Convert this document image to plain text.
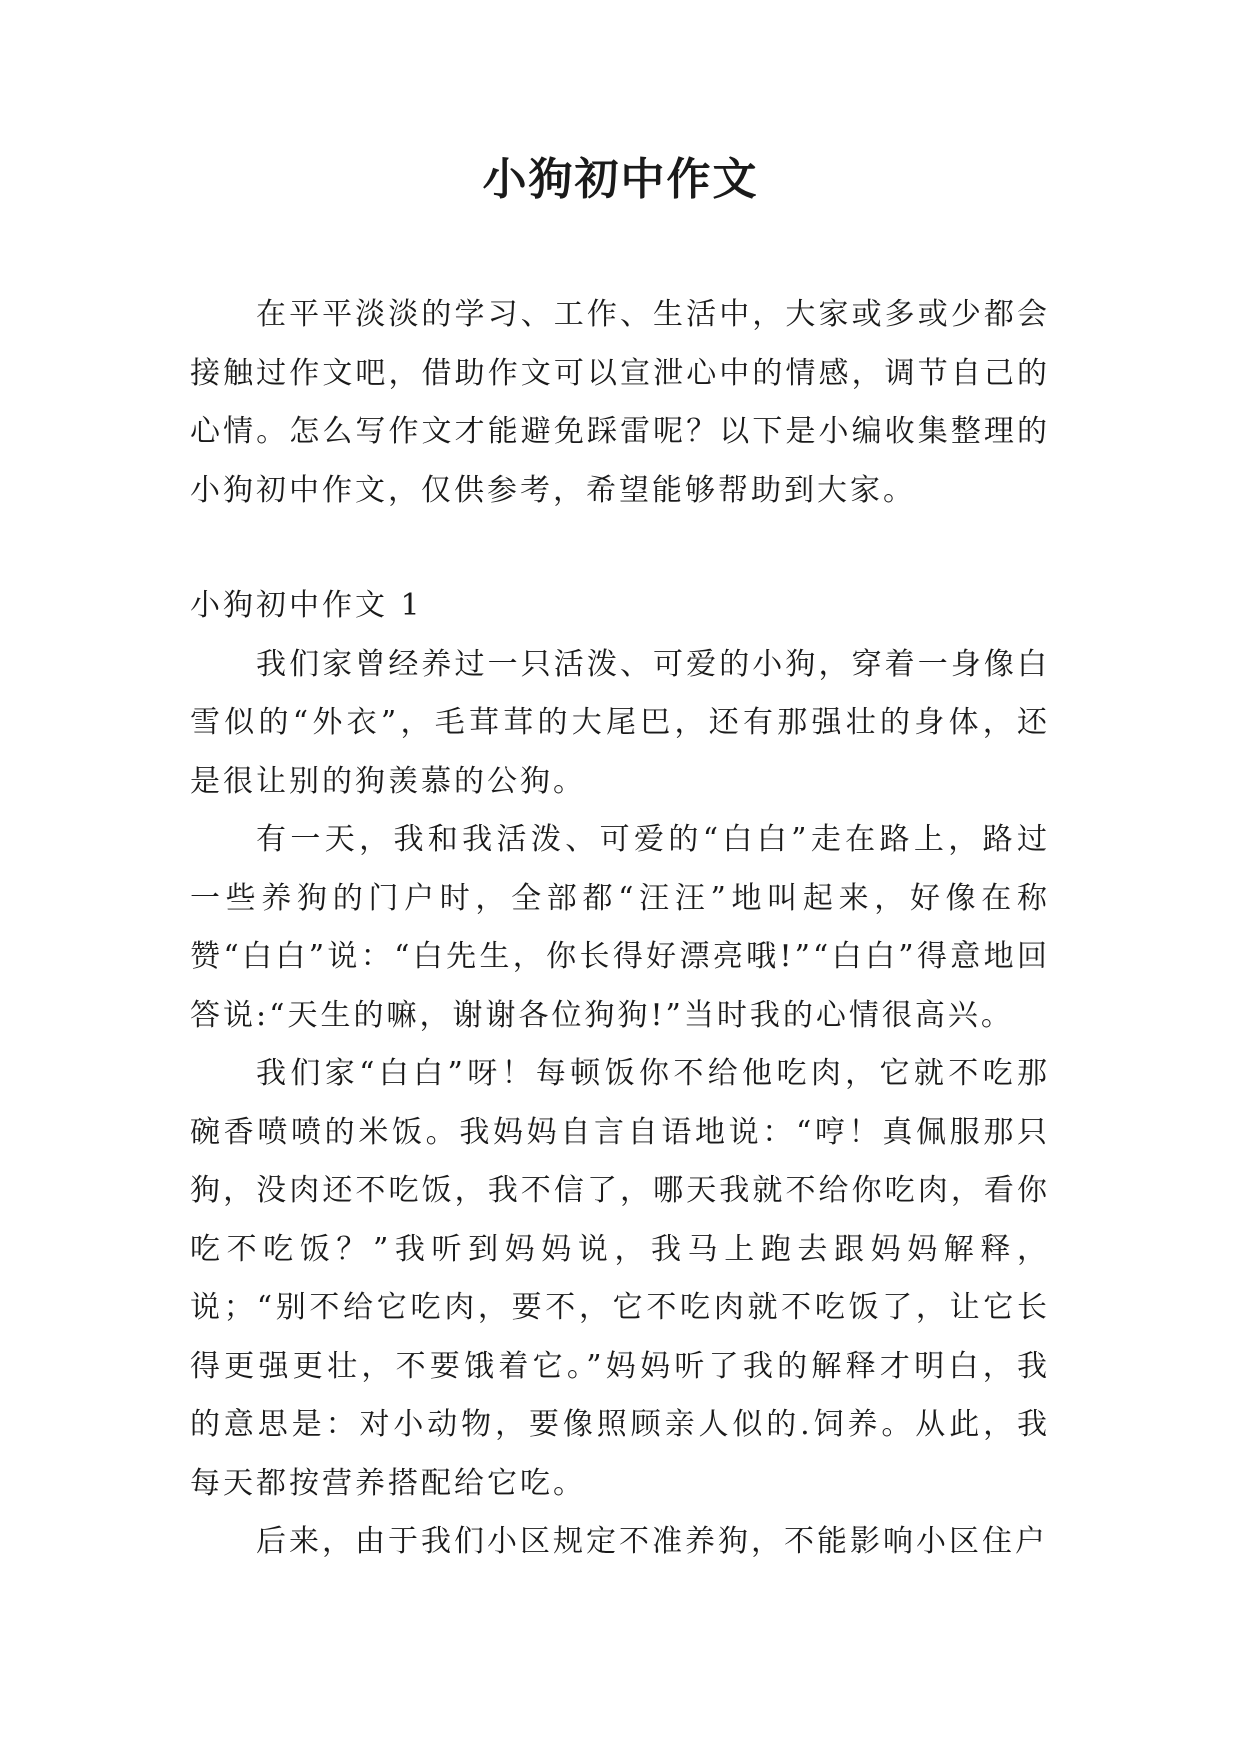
小狗初中作文

在平平淡淡的学习、工作、生活中，大家或多或少都会接触过作文吧，借助作文可以宣泄心中的情感，调节自己的心情。怎么写作文才能避免踩雷呢？以下是小编收集整理的小狗初中作文，仅供参考，希望能够帮助到大家。

小狗初中作文 1

我们家曾经养过一只活泼、可爱的小狗，穿着一身像白雪似的“外衣”，毛茸茸的大尾巴，还有那强壮的身体，还是很让别的狗羡慕的公狗。

有一天，我和我活泼、可爱的“白白”走在路上，路过一些养狗的门户时，全部都“汪汪”地叫起来，好像在称赞“白白”说：“白先生，你长得好漂亮哦!”“白白”得意地回答说:“天生的嘛，谢谢各位狗狗!”当时我的心情很高兴。

我们家“白白”呀！每顿饭你不给他吃肉，它就不吃那碗香喷喷的米饭。我妈妈自言自语地说：“哼！真佩服那只狗，没肉还不吃饭，我不信了，哪天我就不给你吃肉，看你吃不吃饭？”我听到妈妈说，我马上跑去跟妈妈解释，说；“别不给它吃肉，要不，它不吃肉就不吃饭了，让它长得更强更壮，不要饿着它。”妈妈听了我的解释才明白，我的意思是：对小动物，要像照顾亲人似的.饲养。从此，我每天都按营养搭配给它吃。

后来，由于我们小区规定不准养狗，不能影响小区住户
